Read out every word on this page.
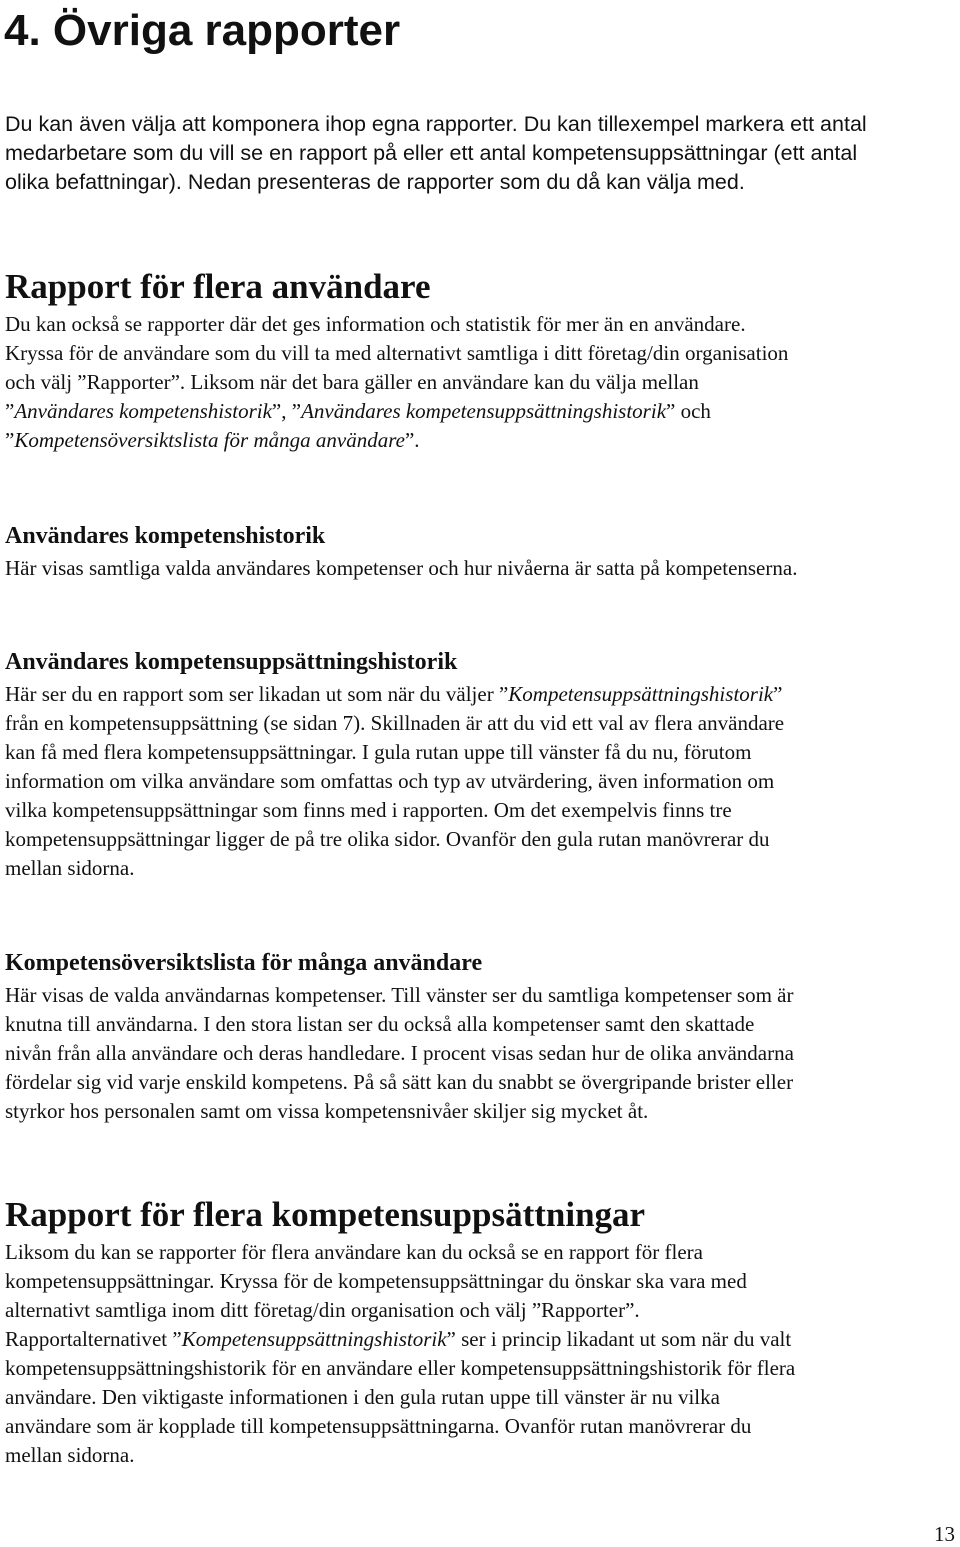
4. Övriga rapporter

Du kan även välja att komponera ihop egna rapporter. Du kan tillexempel markera ett antal
medarbetare som du vill se en rapport på eller ett antal kompetensuppsättningar (ett antal
olika befattningar). Nedan presenteras de rapporter som du då kan välja med.

Rapport för flera användare

Du kan också se rapporter där det ges information och statistik för mer än en användare.
Kryssa för de användare som du vill ta med alternativt samtliga i ditt företag/din organisation
och välj ”Rapporter”. Liksom när det bara gäller en användare kan du välja mellan
”Användares kompetenshistorik”, ”Användares kompetensuppsättningshistorik” och
”Kompetensöversiktslista för många användare”.

Användares kompetenshistorik

Här visas samtliga valda användares kompetenser och hur nivåerna är satta på kompetenserna.

Användares kompetensuppsättningshistorik

Här ser du en rapport som ser likadan ut som när du väljer ”Kompetensuppsättningshistorik”
från en kompetensuppsättning (se sidan 7). Skillnaden är att du vid ett val av flera användare
kan få med flera kompetensuppsättningar. I gula rutan uppe till vänster få du nu, förutom
information om vilka användare som omfattas och typ av utvärdering, även information om
vilka kompetensuppsättningar som finns med i rapporten. Om det exempelvis finns tre
kompetensuppsättningar ligger de på tre olika sidor. Ovanför den gula rutan manövrerar du
mellan sidorna.

Kompetensöversiktslista för många användare

Här visas de valda användarnas kompetenser. Till vänster ser du samtliga kompetenser som är
knutna till användarna. I den stora listan ser du också alla kompetenser samt den skattade
nivån från alla användare och deras handledare. I procent visas sedan hur de olika användarna
fördelar sig vid varje enskild kompetens. På så sätt kan du snabbt se övergripande brister eller
styrkor hos personalen samt om vissa kompetensnivåer skiljer sig mycket åt.

Rapport för flera kompetensuppsättningar

Liksom du kan se rapporter för flera användare kan du också se en rapport för flera
kompetensuppsättningar. Kryssa för de kompetensuppsättningar du önskar ska vara med
alternativt samtliga inom ditt företag/din organisation och välj ”Rapporter”.
Rapportalternativet ”Kompetensuppsättningshistorik” ser i princip likadant ut som när du valt
kompetensuppsättningshistorik för en användare eller kompetensuppsättningshistorik för flera
användare. Den viktigaste informationen i den gula rutan uppe till vänster är nu vilka
användare som är kopplade till kompetensuppsättningarna. Ovanför rutan manövrerar du
mellan sidorna.

13
